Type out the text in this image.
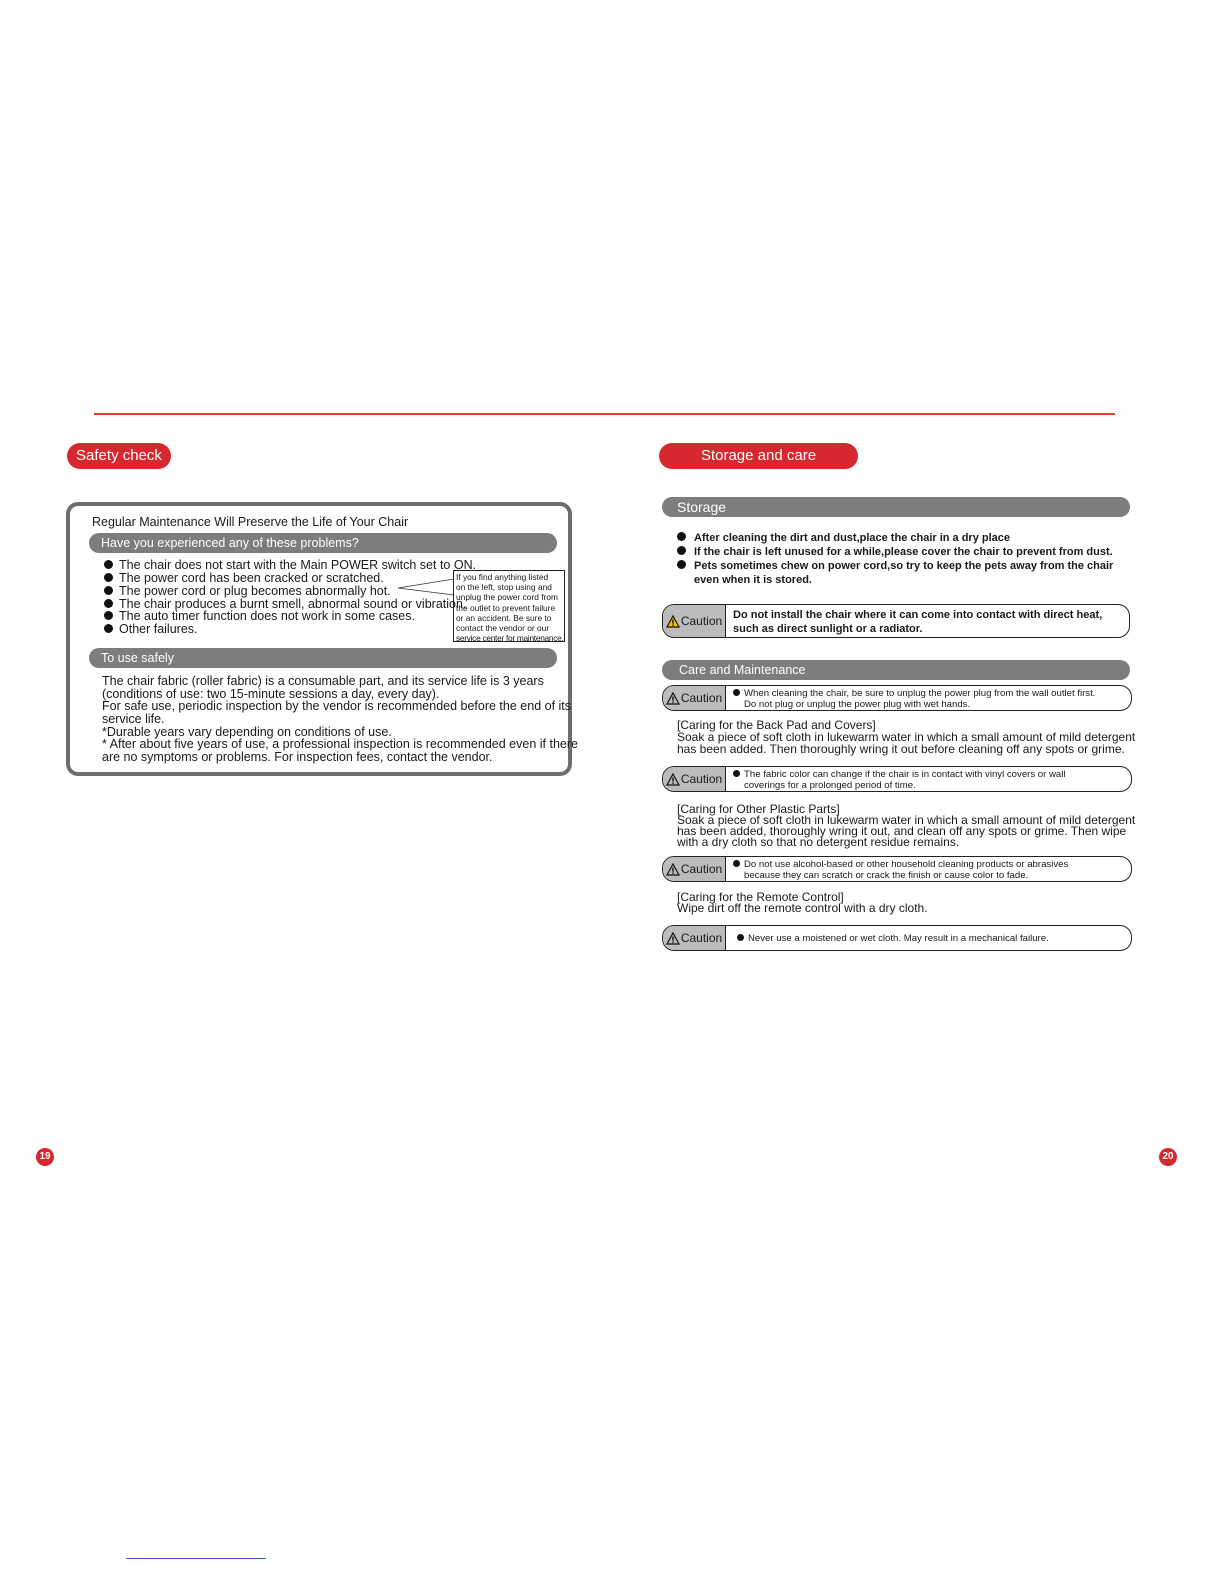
Safety check
Regular Maintenance Will Preserve the Life of Your Chair
Have you experienced any of these problems?
The chair does not start with the Main POWER switch set to ON.
The power cord has been cracked or scratched.
The power cord or plug becomes abnormally hot.
The chair produces a burnt smell, abnormal sound or vibration.
The auto timer function does not work in some cases.
Other failures.
If you find anything listed
on the left, stop using and
unplug the power cord from
the outlet to prevent failure
or an accident. Be sure to
contact the vendor or our
service center for maintenance.
To use safely
The chair fabric (roller fabric) is a consumable part, and its service life is 3 years
(conditions of use: two 15-minute sessions a day, every day).
For safe use, periodic inspection by the vendor is recommended before the end of its
service life.
*Durable years vary depending on conditions of use.
* After about five years of use, a professional inspection is recommended even if there
are no symptoms or problems. For inspection fees, contact the vendor.
19
Storage and care
Storage
After cleaning the dirt and dust,place the chair in a dry place
If the chair is left unused for a while,please cover the chair to prevent from dust.
Pets sometimes chew on power cord,so try to keep the pets away from the chair
even when it is stored.
Caution Do not install the chair where it can come into contact with direct heat,
such as direct sunlight or a radiator.
Care and Maintenance
Caution	When cleaning the chair, be sure to unplug the power plug from the wall outlet first.
Do not plug or unplug the power plug with wet hands.
[Caring for the Back Pad and Covers]
Soak a piece of soft cloth in lukewarm water in which a small amount of mild detergent
has been added. Then thoroughly wring it out before cleaning off any spots or grime.
Caution	The fabric color can change if the chair is in contact with vinyl covers or wall
coverings for a prolonged period of time.
[Caring for Other Plastic Parts]
Soak a piece of soft cloth in lukewarm water in which a small amount of mild detergent
has been added, thoroughly wring it out, and clean off any spots or grime. Then wipe
with a dry cloth so that no detergent residue remains.
Caution	Do not use alcohol-based or other household cleaning products or abrasives
because they can scratch or crack the finish or cause color to fade.
[Caring for the Remote Control]
Wipe dirt off the remote control with a dry cloth.
Caution	Never use a moistened or wet cloth. May result in a mechanical failure.
20
